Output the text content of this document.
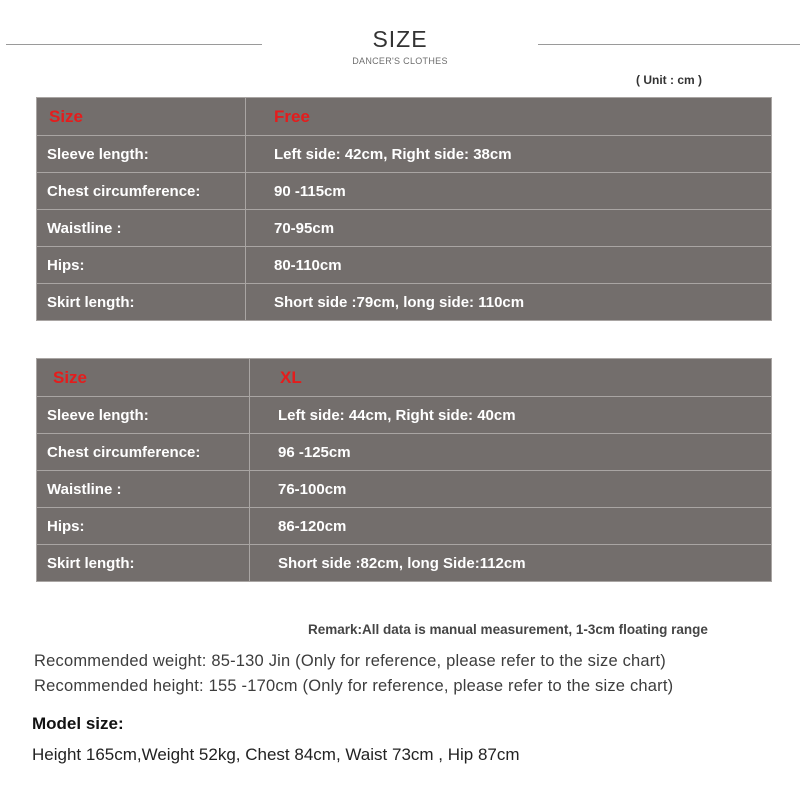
SIZE
DANCER'S CLOTHES
( Unit : cm )
Size	Free
Sleeve length:	Left side: 42cm, Right side: 38cm
Chest circumference:	90 -115cm
Waistline :	70-95cm
Hips:	80-110cm
Skirt length:	Short side :79cm, long side: 110cm
Size	XL
Sleeve length:	Left side: 44cm, Right side: 40cm
Chest circumference:	96 -125cm
Waistline :	76-100cm
Hips:	86-120cm
Skirt length:	Short side :82cm, long Side:112cm
Remark:All data is manual measurement, 1-3cm floating range
Recommended weight: 85-130 Jin (Only for reference, please refer to the size chart)
Recommended height: 155 -170cm (Only for reference, please refer to the size chart)
Model size:
Height 165cm,Weight 52kg, Chest 84cm, Waist 73cm , Hip 87cm
